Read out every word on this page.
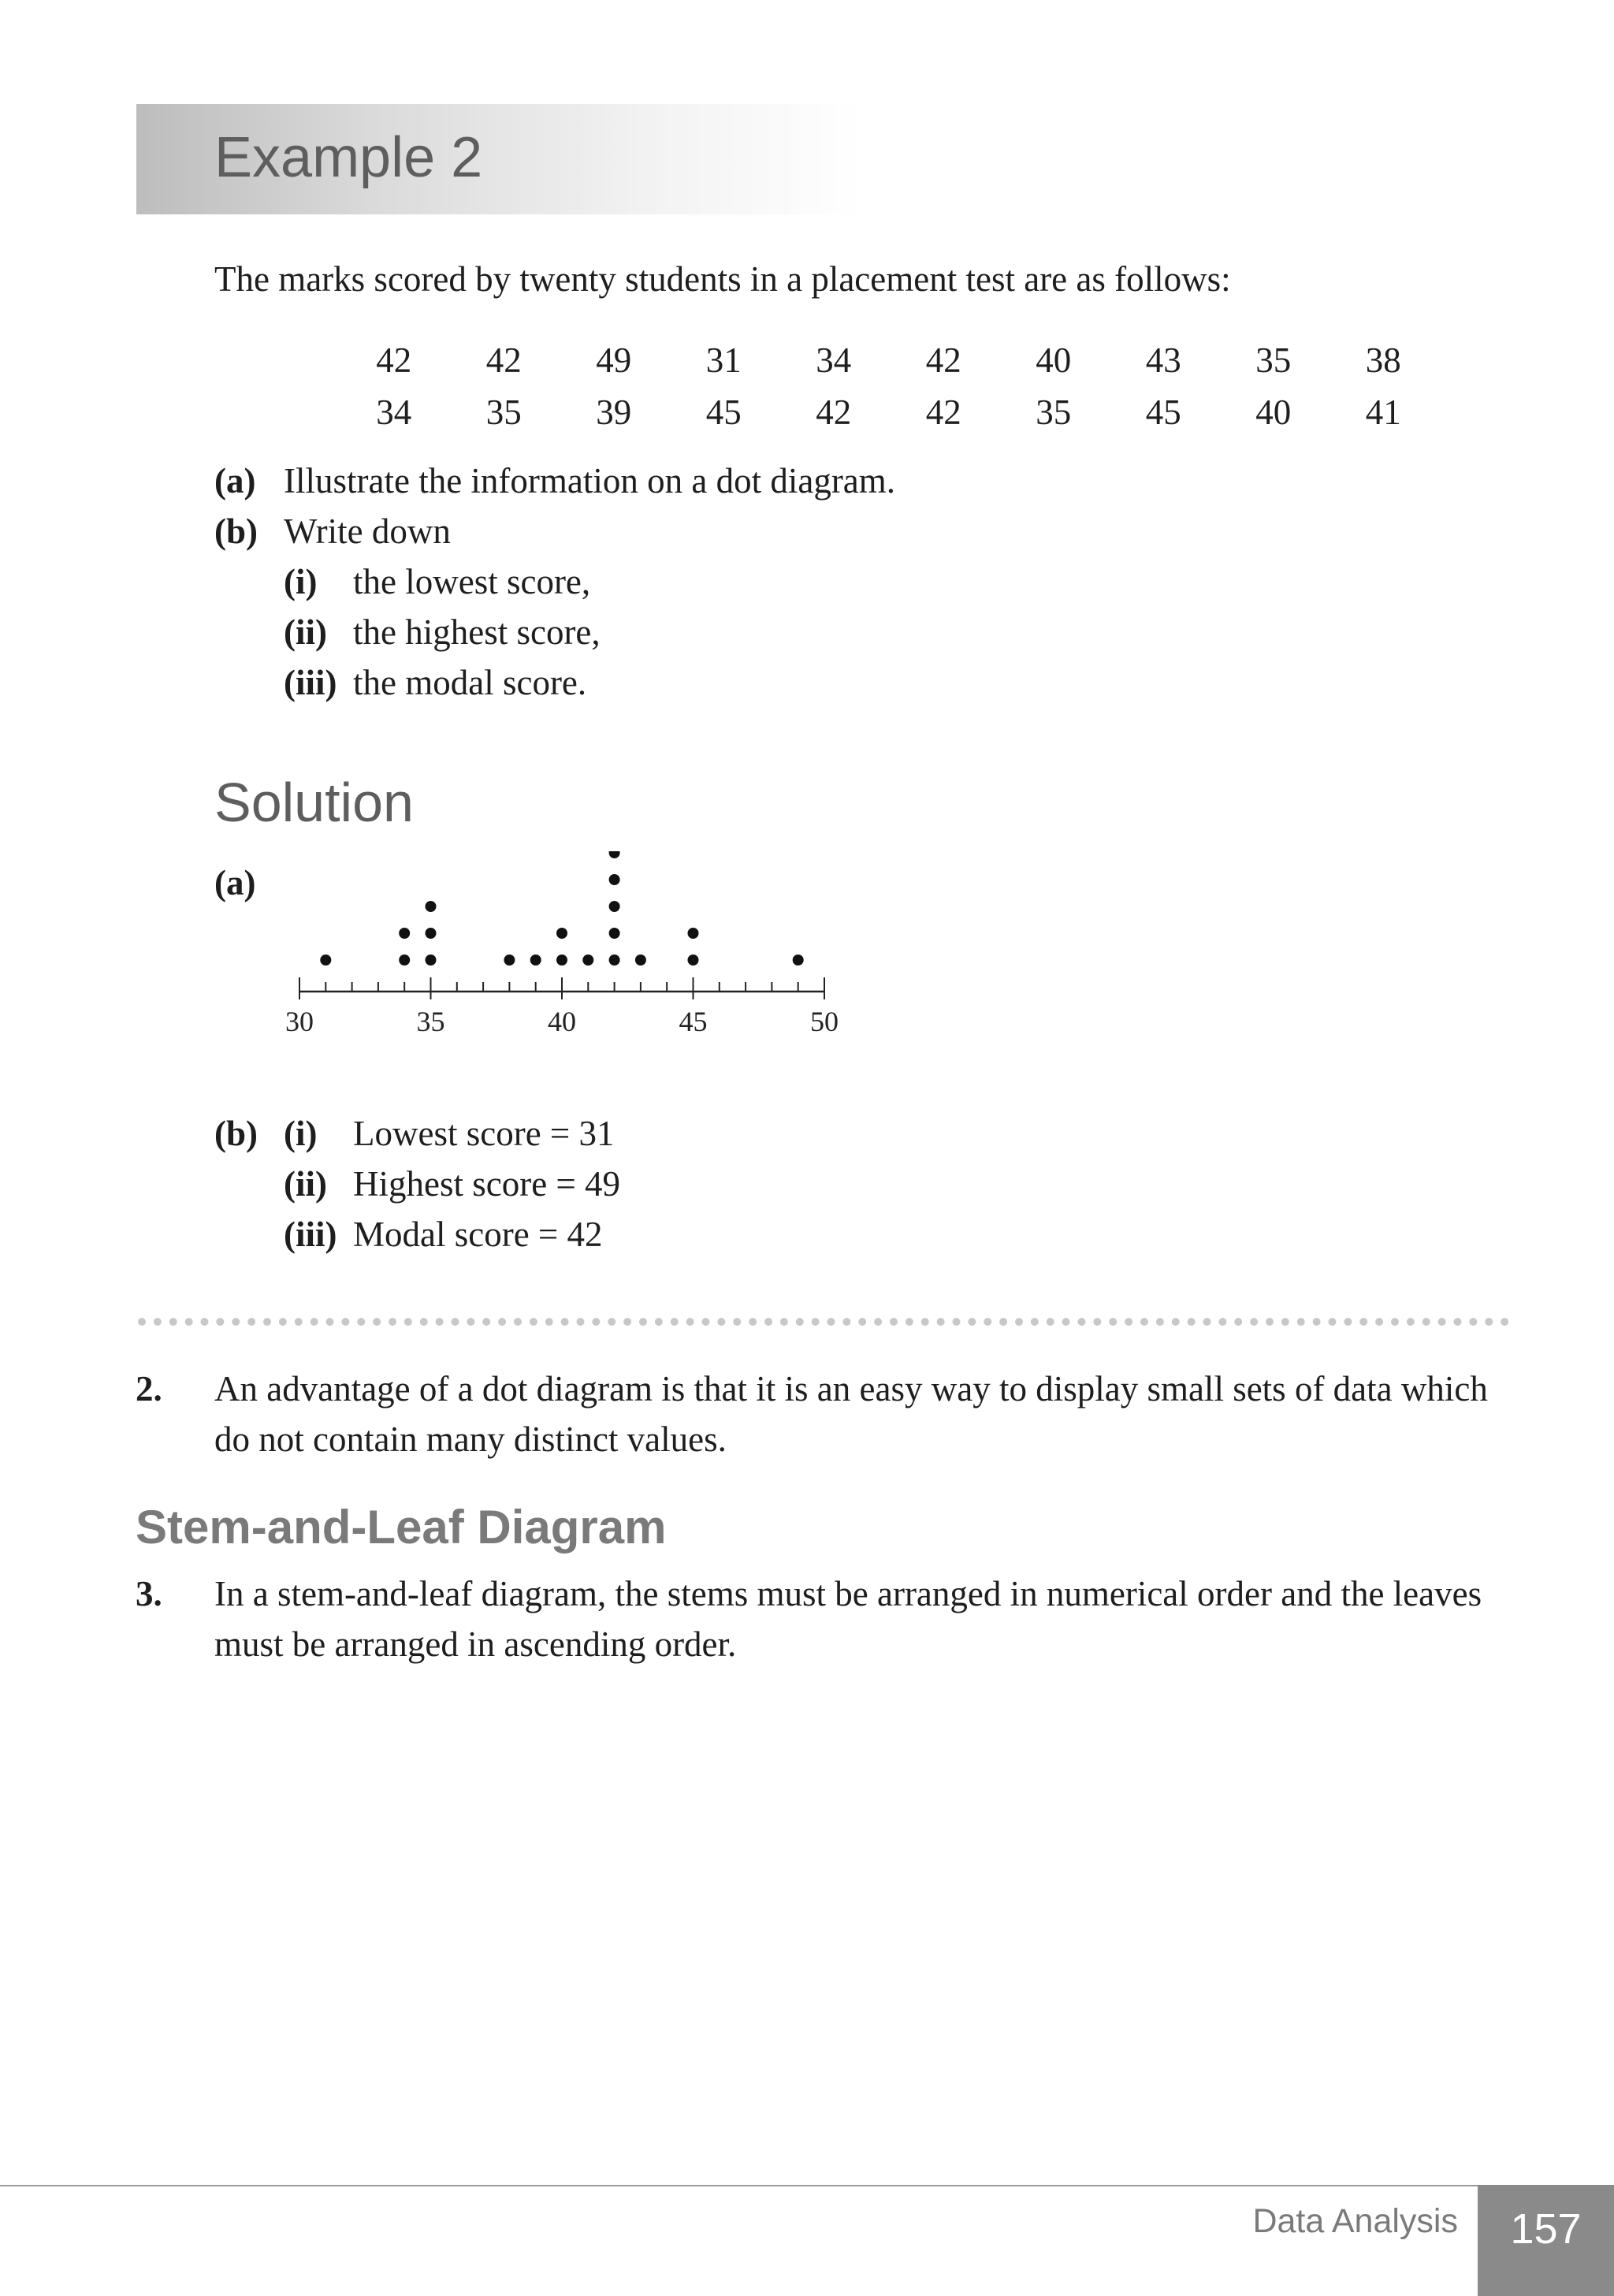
Example 2
The marks scored by twenty students in a placement test are as follows:
42	42	49	31	34	42	40	43	35	38
34	35	39	45	42	42	35	45	40	41
(a) Illustrate the information on a dot diagram.
(b) Write down
(i)	the lowest score,
(ii) the highest score,
(iii) the modal score.
Solution
(a)
30	35	40	45	50
(b) (i)	Lowest score = 31
(ii) Highest score = 49
(iii) Modal score = 42
2.	An advantage of a dot diagram is that it is an easy way to display small sets of data which do not contain many distinct values.
Stem-and-Leaf Diagram
3.	In a stem-and-leaf diagram, the stems must be arranged in numerical order and the leaves must be arranged in ascending order.
Data Analysis	157
